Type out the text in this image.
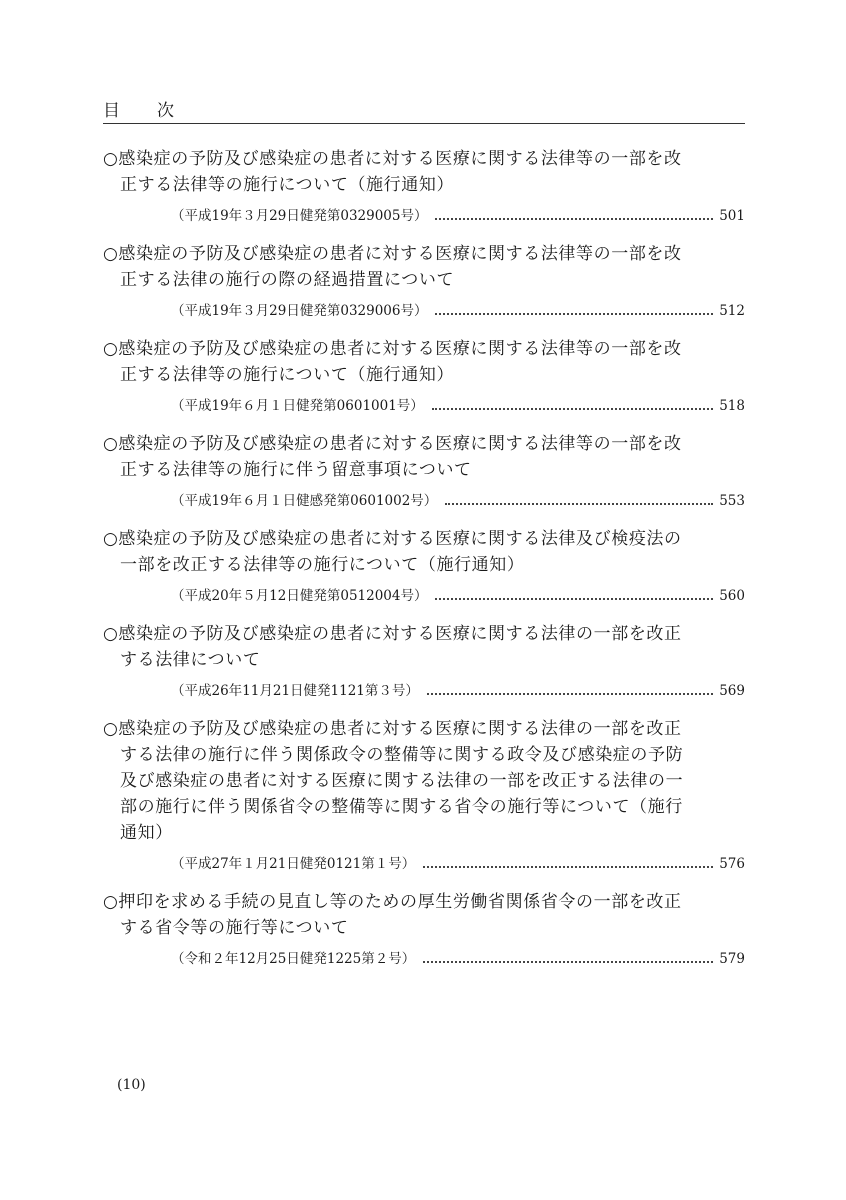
目　次
○感染症の予防及び感染症の患者に対する医療に関する法律等の一部を改
正する法律等の施行について（施行通知）
（平成19年３月29日健発第0329005号）	501
○感染症の予防及び感染症の患者に対する医療に関する法律等の一部を改
正する法律の施行の際の経過措置について
（平成19年３月29日健発第0329006号）	512
○感染症の予防及び感染症の患者に対する医療に関する法律等の一部を改
正する法律等の施行について（施行通知）
（平成19年６月１日健発第0601001号）	518
○感染症の予防及び感染症の患者に対する医療に関する法律等の一部を改
正する法律等の施行に伴う留意事項について
（平成19年６月１日健感発第0601002号）	553
○感染症の予防及び感染症の患者に対する医療に関する法律及び検疫法の
一部を改正する法律等の施行について（施行通知）
（平成20年５月12日健発第0512004号）	560
○感染症の予防及び感染症の患者に対する医療に関する法律の一部を改正
する法律について
（平成26年11月21日健発1121第３号）	569
○感染症の予防及び感染症の患者に対する医療に関する法律の一部を改正
する法律の施行に伴う関係政令の整備等に関する政令及び感染症の予防
及び感染症の患者に対する医療に関する法律の一部を改正する法律の一
部の施行に伴う関係省令の整備等に関する省令の施行等について（施行
通知）
（平成27年１月21日健発0121第１号）	576
○押印を求める手続の見直し等のための厚生労働省関係省令の一部を改正
する省令等の施行等について
（令和２年12月25日健発1225第２号）	579
(10)
